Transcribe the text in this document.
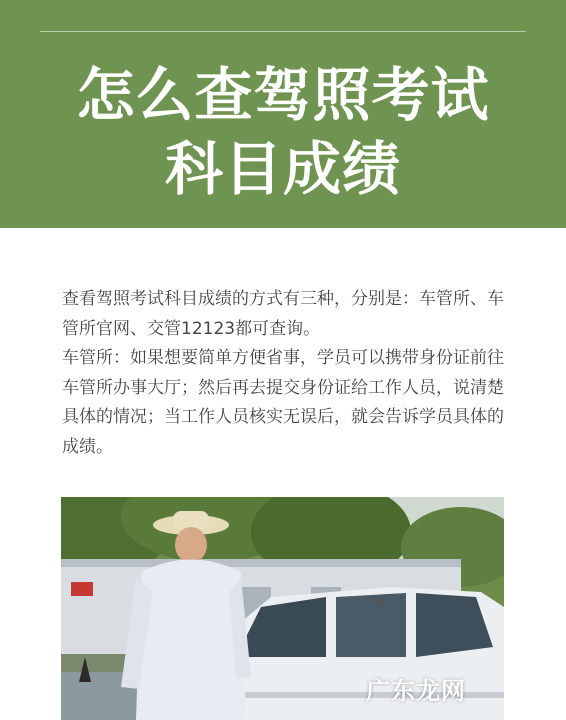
怎么查驾照考试
科目成绩

查看驾照考试科目成绩的方式有三种，分别是：车管所、车管所官网、交管12123都可查询。

车管所：如果想要简单方便省事，学员可以携带身份证前往车管所办事大厅；然后再去提交身份证给工作人员，说清楚具体的情况；当工作人员核实无误后，就会告诉学员具体的成绩。

广东龙网
